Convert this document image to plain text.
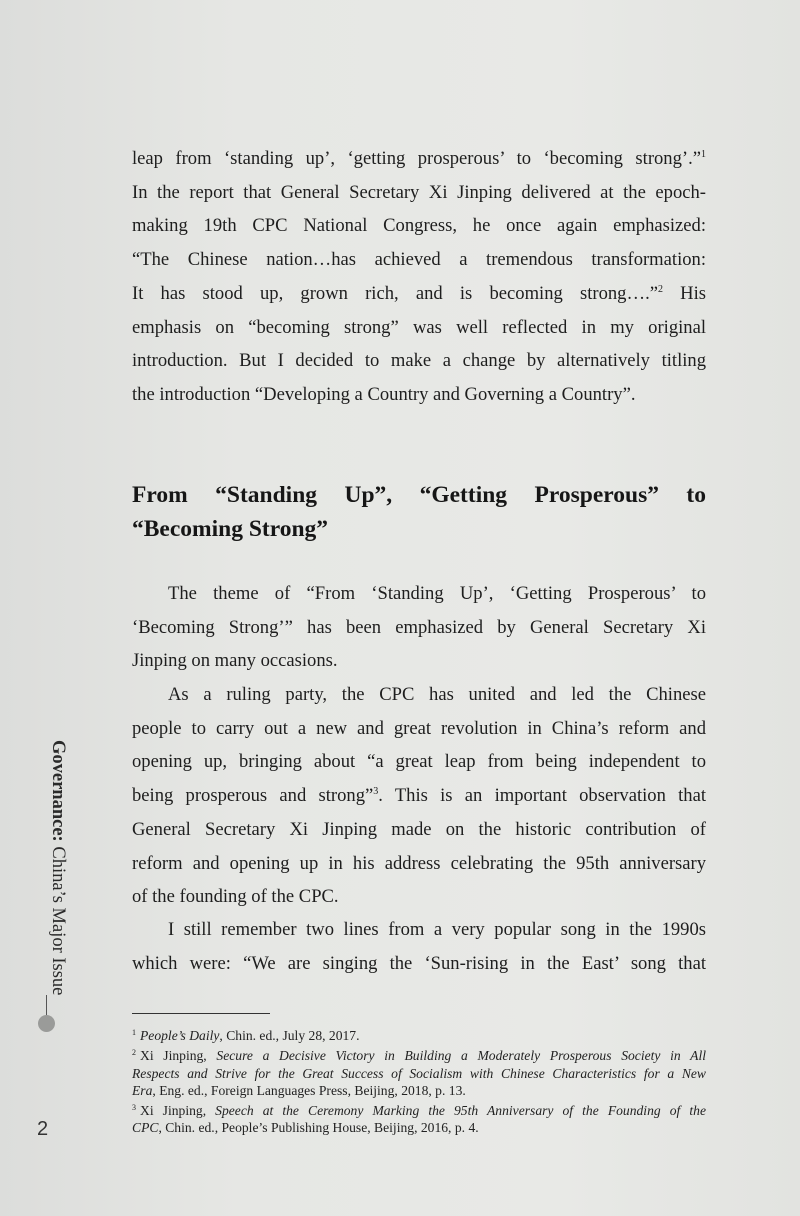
leap from ‘standing up’, ‘getting prosperous’ to ‘becoming strong’.”$^1$
In the report that General Secretary Xi Jinping delivered at the epoch-
making 19th CPC National Congress, he once again emphasized:
“The Chinese nation…has achieved a tremendous transformation:
It has stood up, grown rich, and is becoming strong….”$^2$ His
emphasis on “becoming strong” was well reflected in my original
introduction. But I decided to make a change by alternatively titling
the introduction “Developing a Country and Governing a Country”.
From “Standing Up”, “Getting Prosperous” to
“Becoming Strong”
The theme of “From ‘Standing Up’, ‘Getting Prosperous’ to
‘Becoming Strong’” has been emphasized by General Secretary Xi
Jinping on many occasions.
As a ruling party, the CPC has united and led the Chinese
people to carry out a new and great revolution in China’s reform and
opening up, bringing about “a great leap from being independent to
being prosperous and strong”$^3$. This is an important observation that
General Secretary Xi Jinping made on the historic contribution of
reform and opening up in his address celebrating the 95th anniversary
of the founding of the CPC.
I still remember two lines from a very popular song in the 1990s
which were: “We are singing the ‘Sun-rising in the East’ song that
$^1$ People’s Daily, Chin. ed., July 28, 2017.
$^2$ Xi Jinping, Secure a Decisive Victory in Building a Moderately Prosperous Society in All
Respects and Strive for the Great Success of Socialism with Chinese Characteristics for a New
Era, Eng. ed., Foreign Languages Press, Beijing, 2018, p. 13.
$^3$ Xi Jinping, Speech at the Ceremony Marking the 95th Anniversary of the Founding of the
CPC, Chin. ed., People’s Publishing House, Beijing, 2016, p. 4.
Governance: China’s Major Issue
2
